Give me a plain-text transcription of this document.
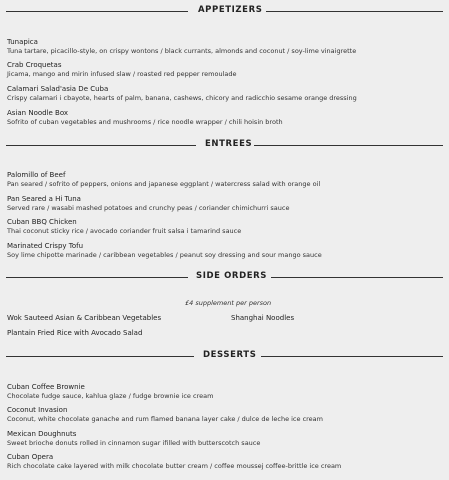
APPETIZERS
Tunapica
Tuna tartare, picacillo-style, on crispy wontons / black currants, almonds and coconut / soy-lime vinaigrette
Crab Croquetas
Jicama, mango and mirin infused slaw / roasted red pepper remoulade
Calamari Salad'asia De Cuba
Crispy calamari i cbayote, hearts of palm, banana, cashews, chicory and radicchio sesame orange dressing
Asian Noodle Box
Sofrito of cuban vegetables and mushrooms / rice noodle wrapper / chili hoisin broth
ENTREES
Palomillo of Beef
Pan seared / sofrito of peppers, onions and japanese eggplant / watercress salad with orange oil
Pan Seared a Hi Tuna
Served rare / wasabi mashed potatoes and crunchy peas / coriander chimichurri sauce
Cuban BBQ Chicken
Thai coconut sticky rice / avocado coriander fruit salsa i tamarind sauce
Marinated Crispy Tofu
Soy lime chipotte marinade / caribbean vegetables / peanut soy dressing and sour mango sauce
SIDE ORDERS
£4 supplement per person
Wok Sauteed Asian & Caribbean Vegetables	Shanghai Noodles
Plantain Fried Rice with Avocado Salad
DESSERTS
Cuban Coffee Brownie
Chocolate fudge sauce, kahlua glaze / fudge brownie ice cream
Coconut Invasion
Coconut, white chocolate ganache and rum flamed banana layer cake / dulce de leche ice cream
Mexican Doughnuts
Sweet brioche donuts rolled in cinnamon sugar ifilled with butterscotch sauce
Cuban Opera
Rich chocolate cake layered with milk chocolate butter cream / coffee moussej coffee-brittle ice cream
